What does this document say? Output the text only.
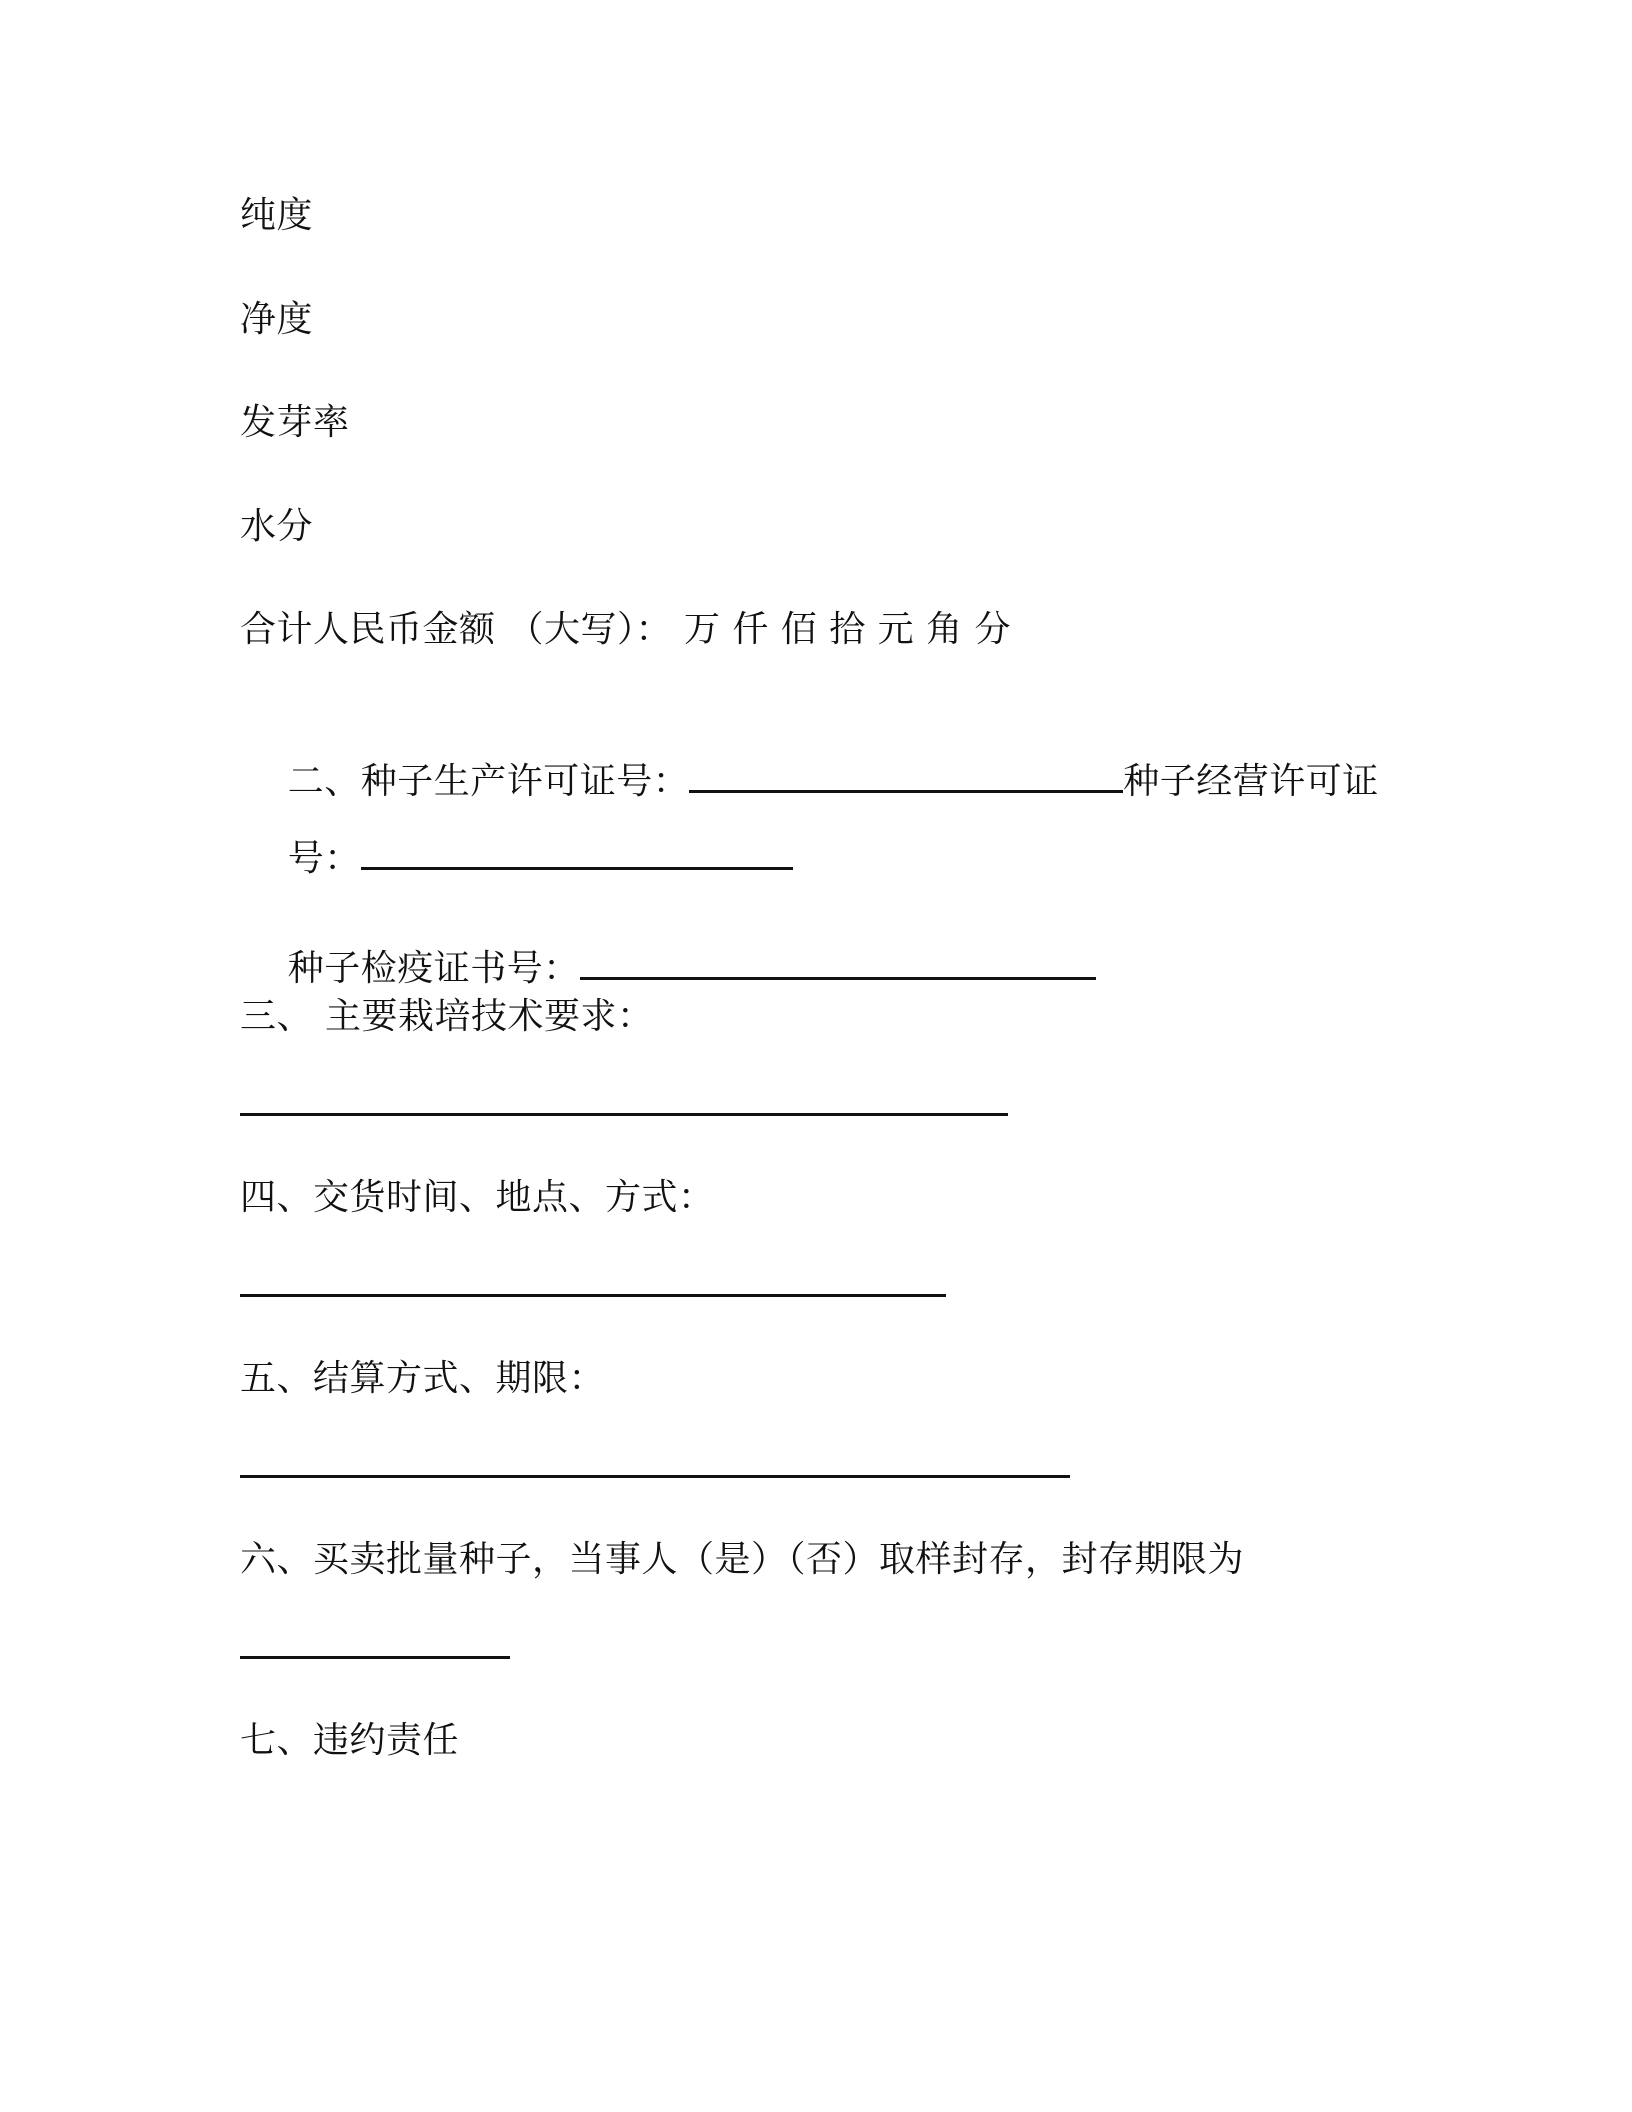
纯度
净度
发芽率
水分
合计人民币金额 （大写）： 万 仟 佰 拾 元 角 分

二、种子生产许可证号：	种子经营许可证

号：

种子检疫证书号：

三、 主要栽培技术要求：
四、交货时间、地点、方式：
五、结算方式、期限：
六、买卖批量种子，当事人（是）（否）取样封存，封存期限为
七、违约责任
